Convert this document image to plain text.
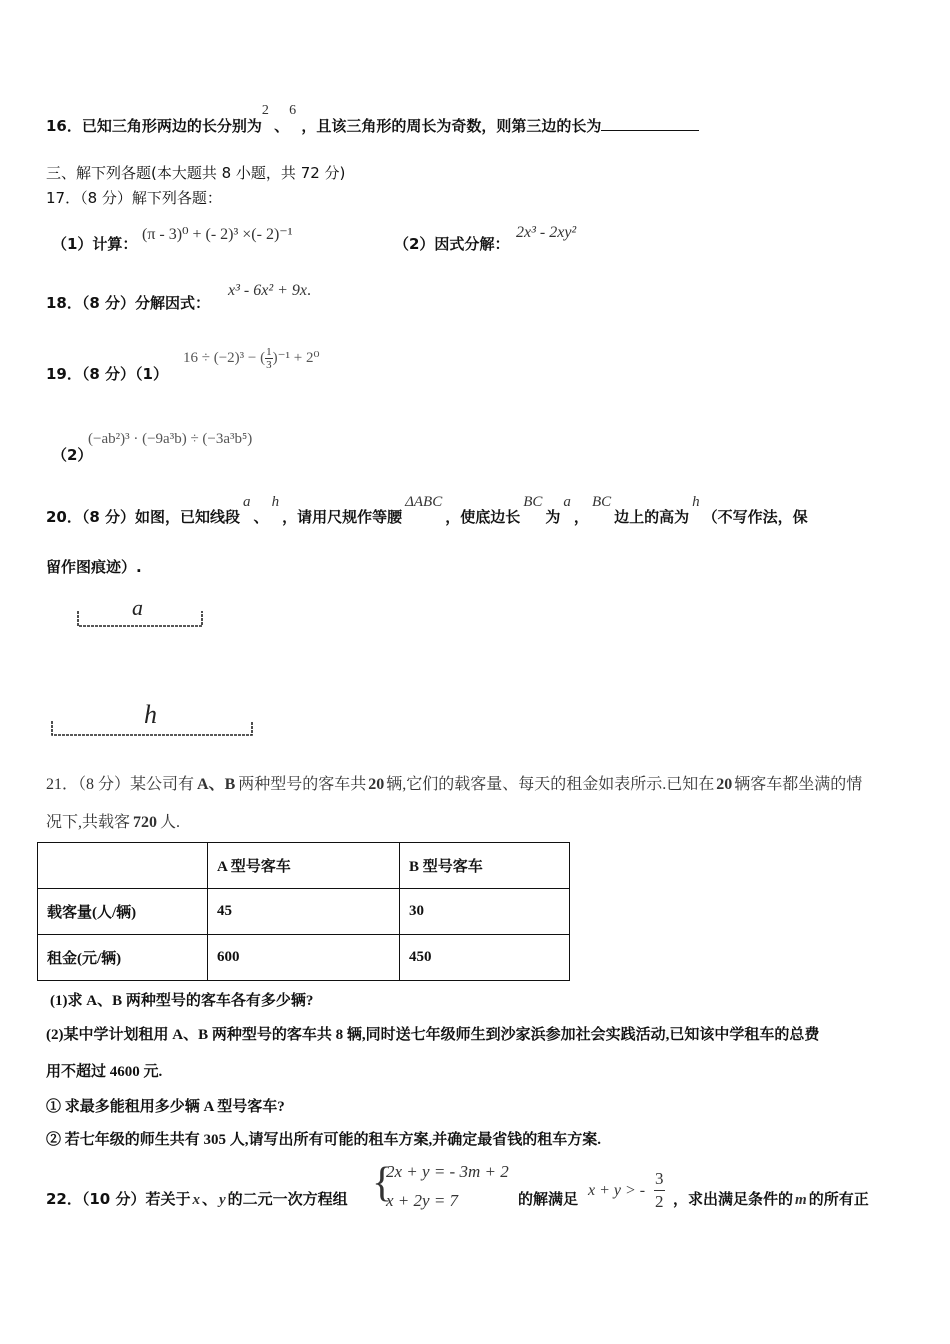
16．已知三角形两边的长分别为2 、6 ，且该三角形的周长为奇数，则第三边的长为
三、解下列各题(本大题共 8 小题，共 72 分)
17．（8 分）解下列各题：
（1）计算：
(π - 3)⁰ + (- 2)³ ×(- 2)⁻¹
（2）因式分解：
2x³ - 2xy²
18．（8 分）分解因式：
x³ - 6x² + 9x.
19．（8 分）（1）
16 ÷ (−2)³ − ( $\frac{1}{3} )^{-1} + 2^0$
（2）
(−ab²)³ · (−9a³b) ÷ (−3a³b⁵)
20．（8 分）如图，已知线段a、h，请用尺规作等腰ΔABC，使底边长BC为a，BC边上的高为h（不写作法，保
留作图痕迹）.
a
h
21．（8 分）某公司有 A、B 两种型号的客车共 20 辆,它们的载客量、每天的租金如表所示.已知在 20 辆客车都坐满的情
况下,共载客 720 人.
	A 型号客车	B 型号客车
载客量(人/辆)	45	30
租金(元/辆)	600	450
(1)求 A、B 两种型号的客车各有多少辆?
(2)某中学计划租用 A、B 两种型号的客车共 8 辆,同时送七年级师生到沙家浜参加社会实践活动,已知该中学租车的总费
用不超过 4600 元.
① 求最多能租用多少辆 A 型号客车?
② 若七年级的师生共有 305 人,请写出所有可能的租车方案,并确定最省钱的租车方案.
22．（10 分）若关于 x 、 y 的二元一次方程组 {
2x + y = - 3m + 2
x + 2y = 7	的解满足 x + y > - $\frac{3}{2}$ ，求出满足条件的 m 的所有正
